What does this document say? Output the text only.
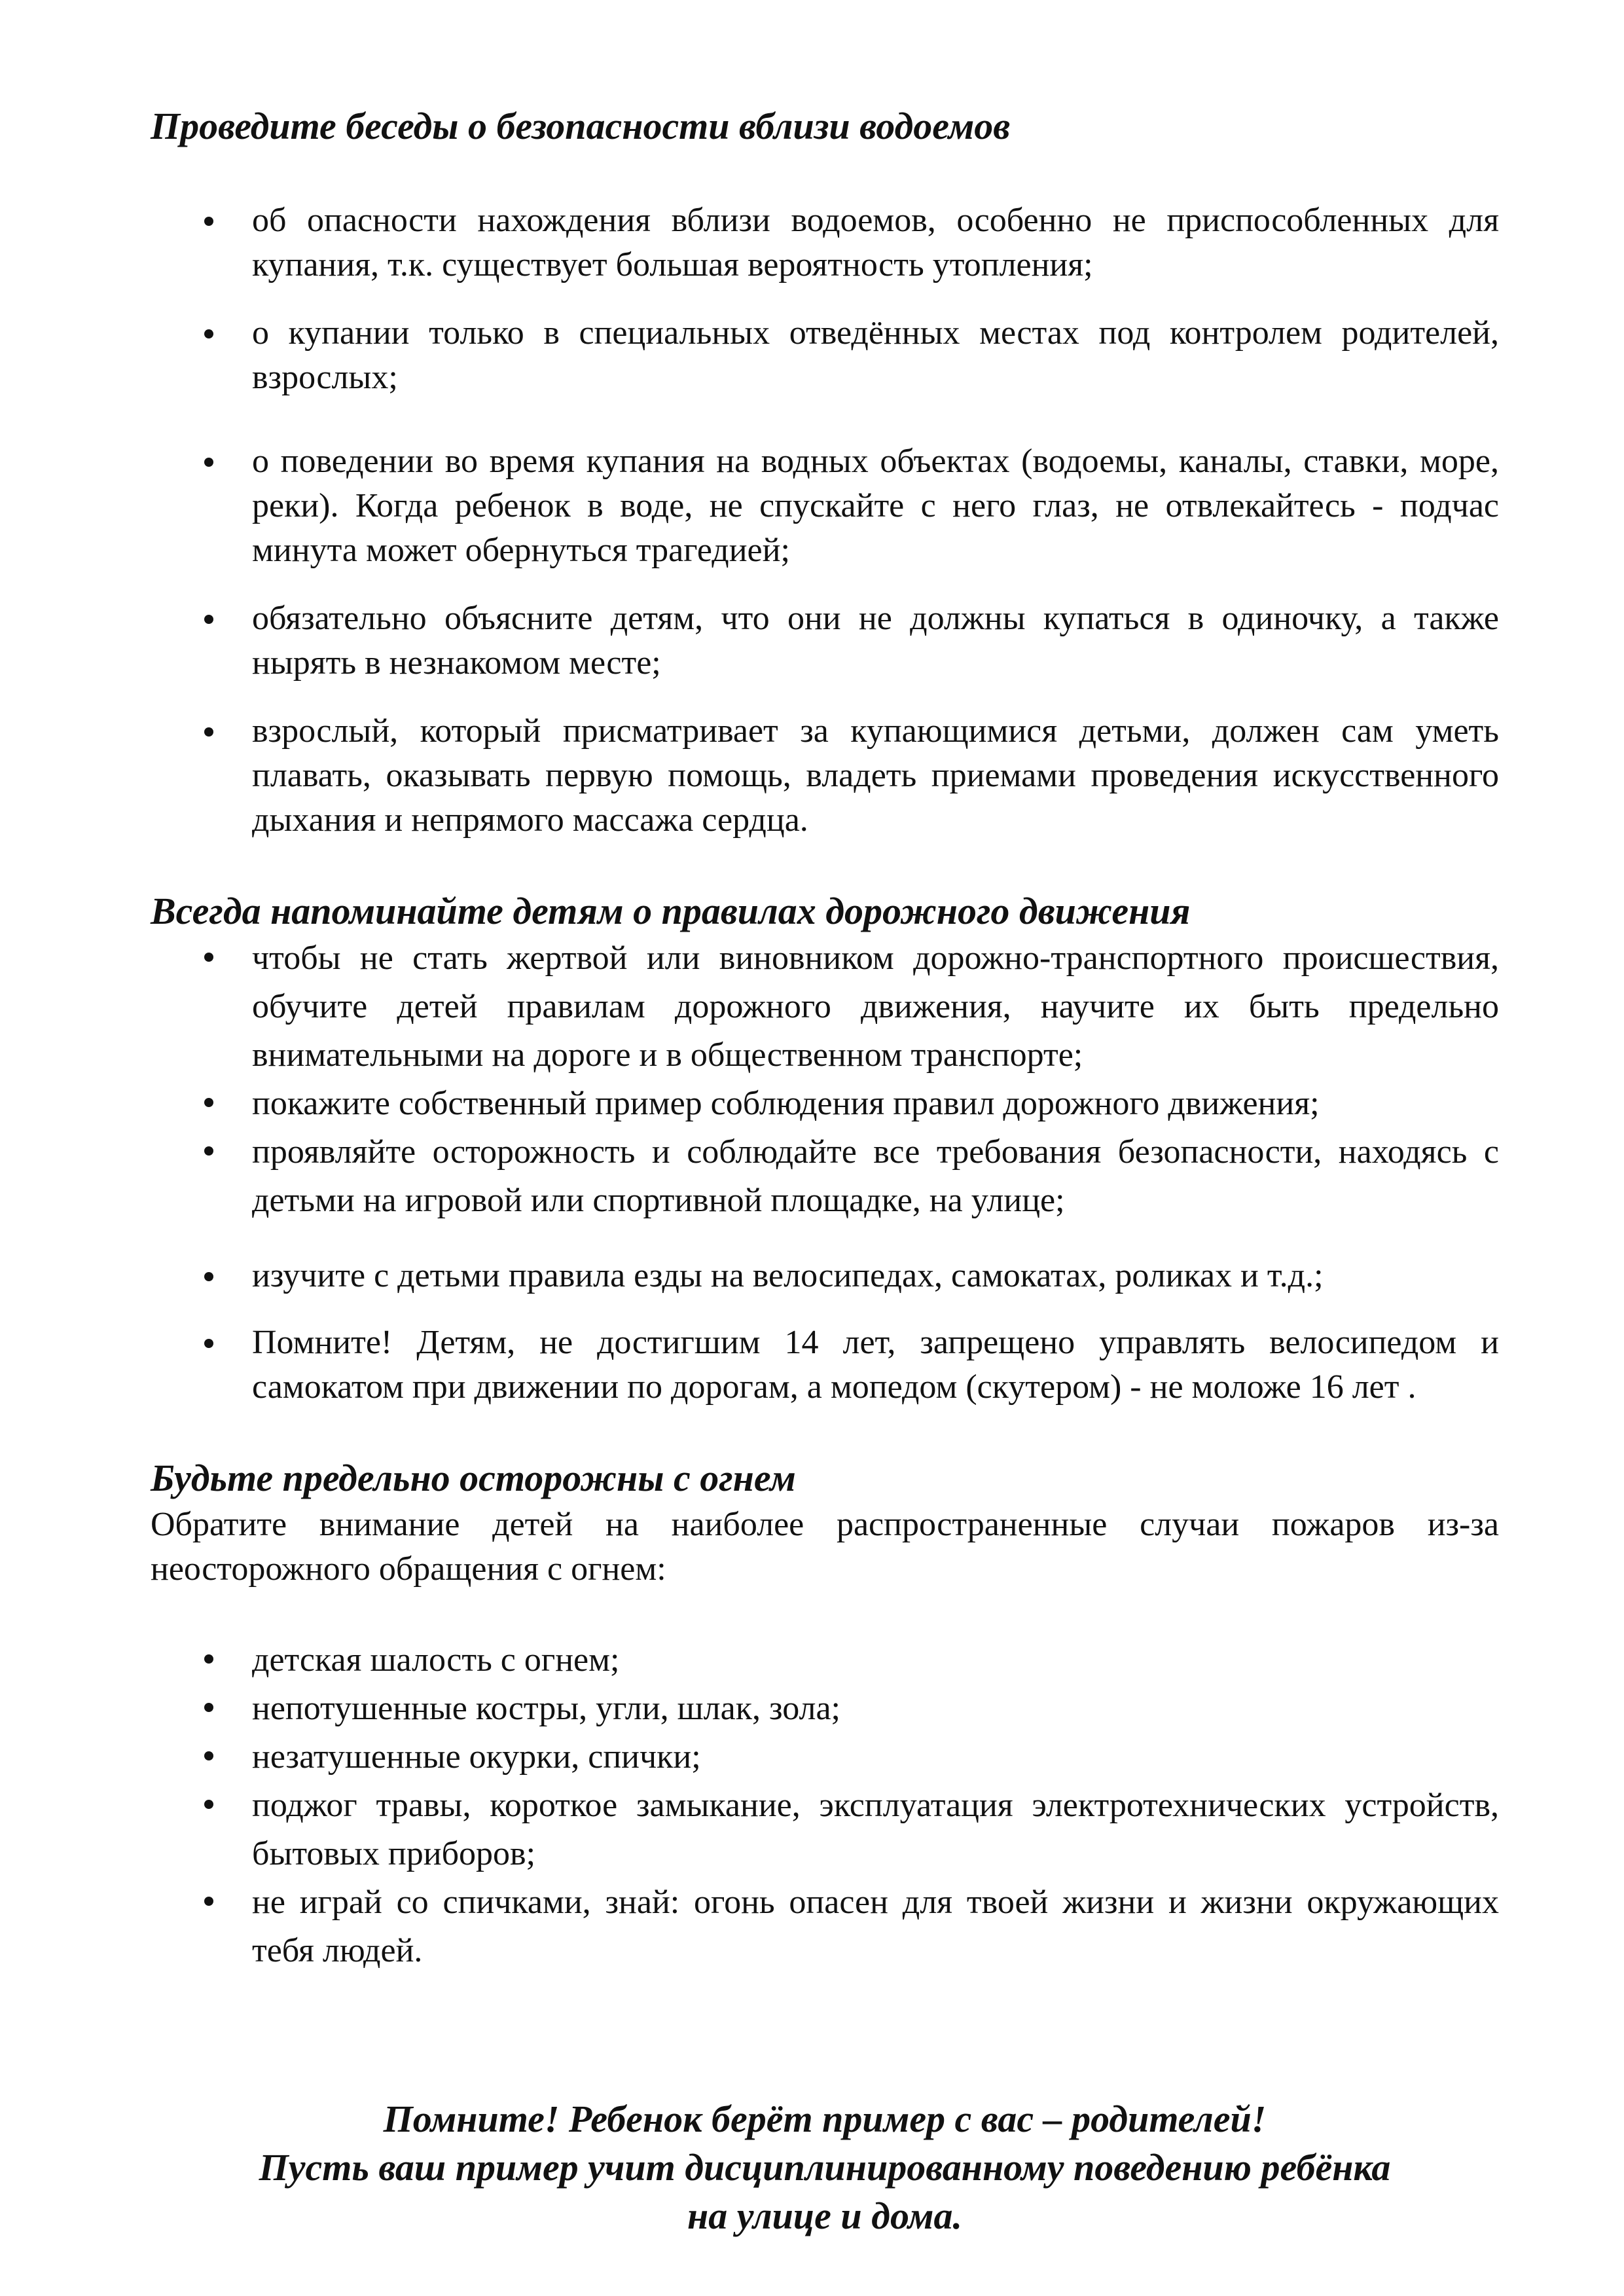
Проведите беседы о безопасности вблизи водоемов
об опасности нахождения вблизи водоемов, особенно не приспособленных для купания, т.к. существует большая вероятность утопления;
о купании только в специальных отведённых местах под контролем родителей, взрослых;
о поведении во время купания на водных объектах (водоемы, каналы, ставки, море, реки). Когда ребенок в воде, не спускайте с него глаз, не отвлекайтесь - подчас минута может обернуться трагедией;
обязательно объясните детям, что они не должны купаться в одиночку, а также нырять в незнакомом месте;
взрослый, который присматривает за купающимися детьми, должен сам уметь плавать, оказывать первую помощь, владеть приемами проведения искусственного дыхания и непрямого массажа сердца.
Всегда напоминайте детям о правилах дорожного движения
чтобы не стать жертвой или виновником дорожно-транспортного происшествия, обучите детей правилам дорожного движения, научите их быть предельно внимательными на дороге и в общественном транспорте;
покажите собственный пример соблюдения правил дорожного движения;
проявляйте осторожность и соблюдайте все требования безопасности, находясь с детьми на игровой или спортивной площадке, на улице;
изучите с детьми правила езды на велосипедах, самокатах, роликах и т.д.;
Помните! Детям, не достигшим 14 лет, запрещено управлять велосипедом и самокатом при движении по дорогам, а мопедом (скутером) - не моложе 16 лет .
Будьте предельно осторожны с огнем

Обратите внимание детей на наиболее распространенные случаи пожаров из-за неосторожного обращения с огнем:

детская шалость с огнем;
непотушенные костры, угли, шлак, зола;
незатушенные окурки, спички;
поджог травы, короткое замыкание, эксплуатация электротехнических устройств, бытовых приборов;
не играй со спичками, знай: огонь опасен для твоей жизни и жизни окружающих тебя людей.
Помните! Ребенок берёт пример с вас – родителей!
Пусть ваш пример учит дисциплинированному поведению ребёнка
на улице и дома.
